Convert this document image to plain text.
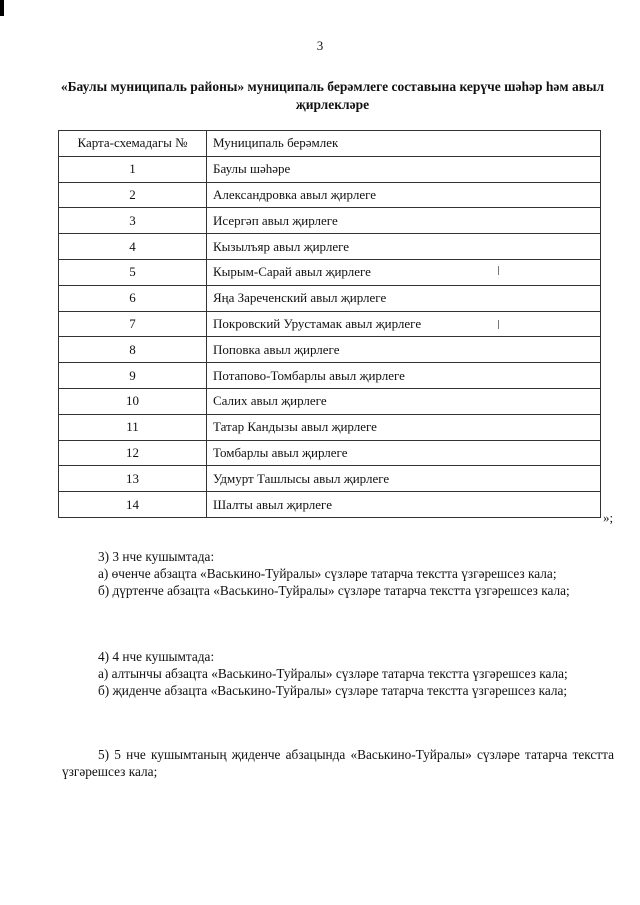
3
«Баулы муниципаль районы» муниципаль берәмлеге составына керүче шәһәр һәм авыл җирлекләре
Карта-схемадагы №	Муниципаль берәмлек
1	Баулы шәһәре
2	Александровка авыл җирлеге
3	Исергәп авыл җирлеге
4	Кызылъяр авыл җирлеге
5	Кырым-Сарай авыл җирлеге
6	Яңа Зареченский авыл җирлеге
7	Покровский Урустамак авыл җирлеге
8	Поповка авыл җирлеге
9	Потапово-Томбарлы авыл җирлеге
10	Салих авыл җирлеге
11	Татар Кандызы авыл җирлеге
12	Томбарлы авыл җирлеге
13	Удмурт Ташлысы авыл җирлеге
14	Шалты авыл җирлеге
»;

3) 3 нче кушымтада:

а) өченче абзацта «Васькино-Туйралы» сүзләре татарча текстта үзгәрешсез кала;

б) дүртенче абзацта «Васькино-Туйралы» сүзләре татарча текстта үзгәрешсез кала;

4) 4 нче кушымтада:

а) алтынчы абзацта «Васькино-Туйралы» сүзләре татарча текстта үзгәрешсез кала;

б) җиденче абзацта «Васькино-Туйралы» сүзләре татарча текстта үзгәрешсез кала;

5) 5 нче кушымтаның җиденче абзацында «Васькино-Туйралы» сүзләре татарча текстта үзгәрешсез кала;
